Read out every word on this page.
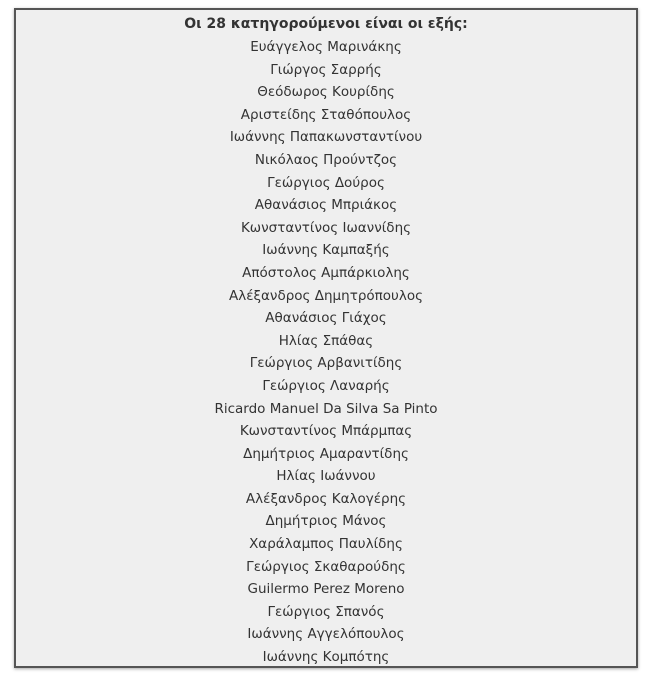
Οι 28 κατηγορούμενοι είναι οι εξής:
Ευάγγελος Μαρινάκης
Γιώργος Σαρρής
Θεόδωρος Κουρίδης
Αριστείδης Σταθόπουλος
Ιωάννης Παπακωνσταντίνου
Νικόλαος Προύντζος
Γεώργιος Δούρος
Αθανάσιος Μπριάκος
Κωνσταντίνος Ιωαννίδης
Ιωάννης Καμπαξής
Απόστολος Αμπάρκιολης
Αλέξανδρος Δημητρόπουλος
Αθανάσιος Γιάχος
Ηλίας Σπάθας
Γεώργιος Αρβανιτίδης
Γεώργιος Λαναρής
Ricardo Manuel Da Silva Sa Pinto
Κωνσταντίνος Μπάρμπας
Δημήτριος Αμαραντίδης
Ηλίας Ιωάννου
Αλέξανδρος Καλογέρης
Δημήτριος Μάνος
Χαράλαμπος Παυλίδης
Γεώργιος Σκαθαρούδης
Guilermo Perez Moreno
Γεώργιος Σπανός
Ιωάννης Αγγελόπουλος
Ιωάννης Κομπότης
